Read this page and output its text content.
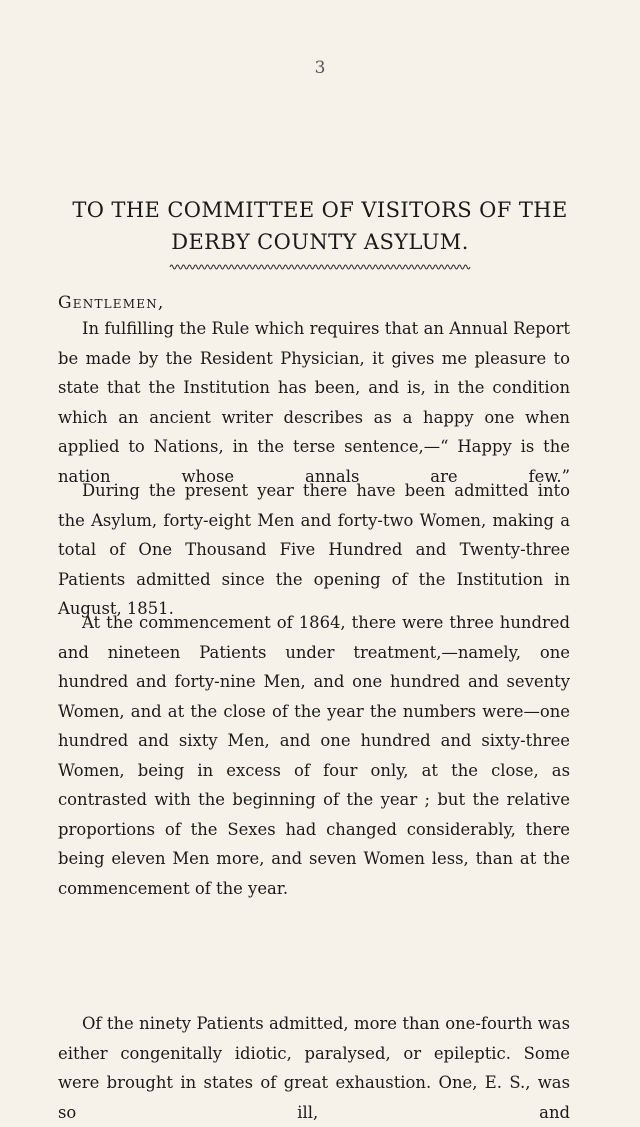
3
TO THE COMMITTEE OF VISITORS OF THE
DERBY COUNTY ASYLUM.
Gentlemen,

In fulfilling the Rule which requires that an Annual Report be made by the Resident Physician, it gives me pleasure to state that the Institution has been, and is, in the condition which an ancient writer describes as a happy one when applied to Nations, in the terse sentence,—“ Happy is the nation whose annals are few.”

During the present year there have been admitted into the Asylum, forty-eight Men and forty-two Women, making a total of One Thousand Five Hundred and Twenty-three Patients admitted since the opening of the Institution in August, 1851.

At the commencement of 1864, there were three hundred and nineteen Patients under treatment,—namely, one hundred and forty-nine Men, and one hundred and seventy Women, and at the close of the year the numbers were—one hundred and sixty Men, and one hundred and sixty-three Women, being in excess of four only, at the close, as contrasted with the beginning of the year ; but the relative proportions of the Sexes had changed considerably, there being eleven Men more, and seven Women less, than at the commencement of the year.

Of the ninety Patients admitted, more than one-fourth was either congenitally idiotic, paralysed, or epileptic. Some were brought in states of great exhaustion. One, E. S., was so ill, and
